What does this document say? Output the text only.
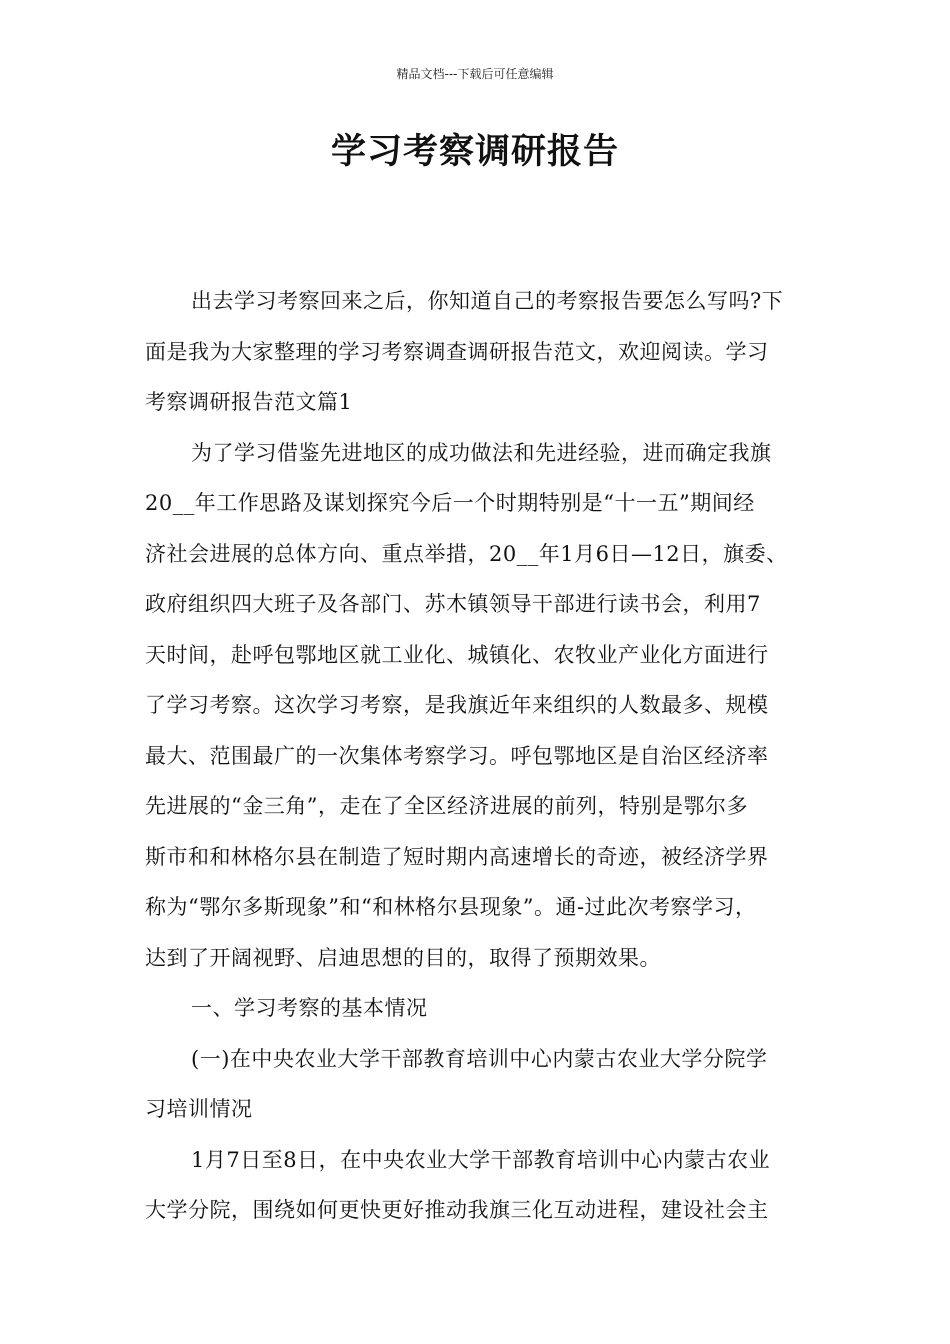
精品文档---下载后可任意编辑
学习考察调研报告
出去学习考察回来之后，你知道自己的考察报告要怎么写吗?下
面是我为大家整理的学习考察调查调研报告范文，欢迎阅读。学习
考察调研报告范文篇1
为了学习借鉴先进地区的成功做法和先进经验，进而确定我旗
20__年工作思路及谋划探究今后一个时期特别是“十一五”期间经
济社会进展的总体方向、重点举措，20__年1月6日—12日，旗委、
政府组织四大班子及各部门、苏木镇领导干部进行读书会，利用7
天时间，赴呼包鄂地区就工业化、城镇化、农牧业产业化方面进行
了学习考察。这次学习考察，是我旗近年来组织的人数最多、规模
最大、范围最广的一次集体考察学习。呼包鄂地区是自治区经济率
先进展的“金三角”，走在了全区经济进展的前列，特别是鄂尔多
斯市和和林格尔县在制造了短时期内高速增长的奇迹，被经济学界
称为“鄂尔多斯现象”和“和林格尔县现象”。通-过此次考察学习，
达到了开阔视野、启迪思想的目的，取得了预期效果。
一、学习考察的基本情况
(一)在中央农业大学干部教育培训中心内蒙古农业大学分院学
习培训情况
1月7日至8日，在中央农业大学干部教育培训中心内蒙古农业
大学分院，围绕如何更快更好推动我旗三化互动进程，建设社会主
